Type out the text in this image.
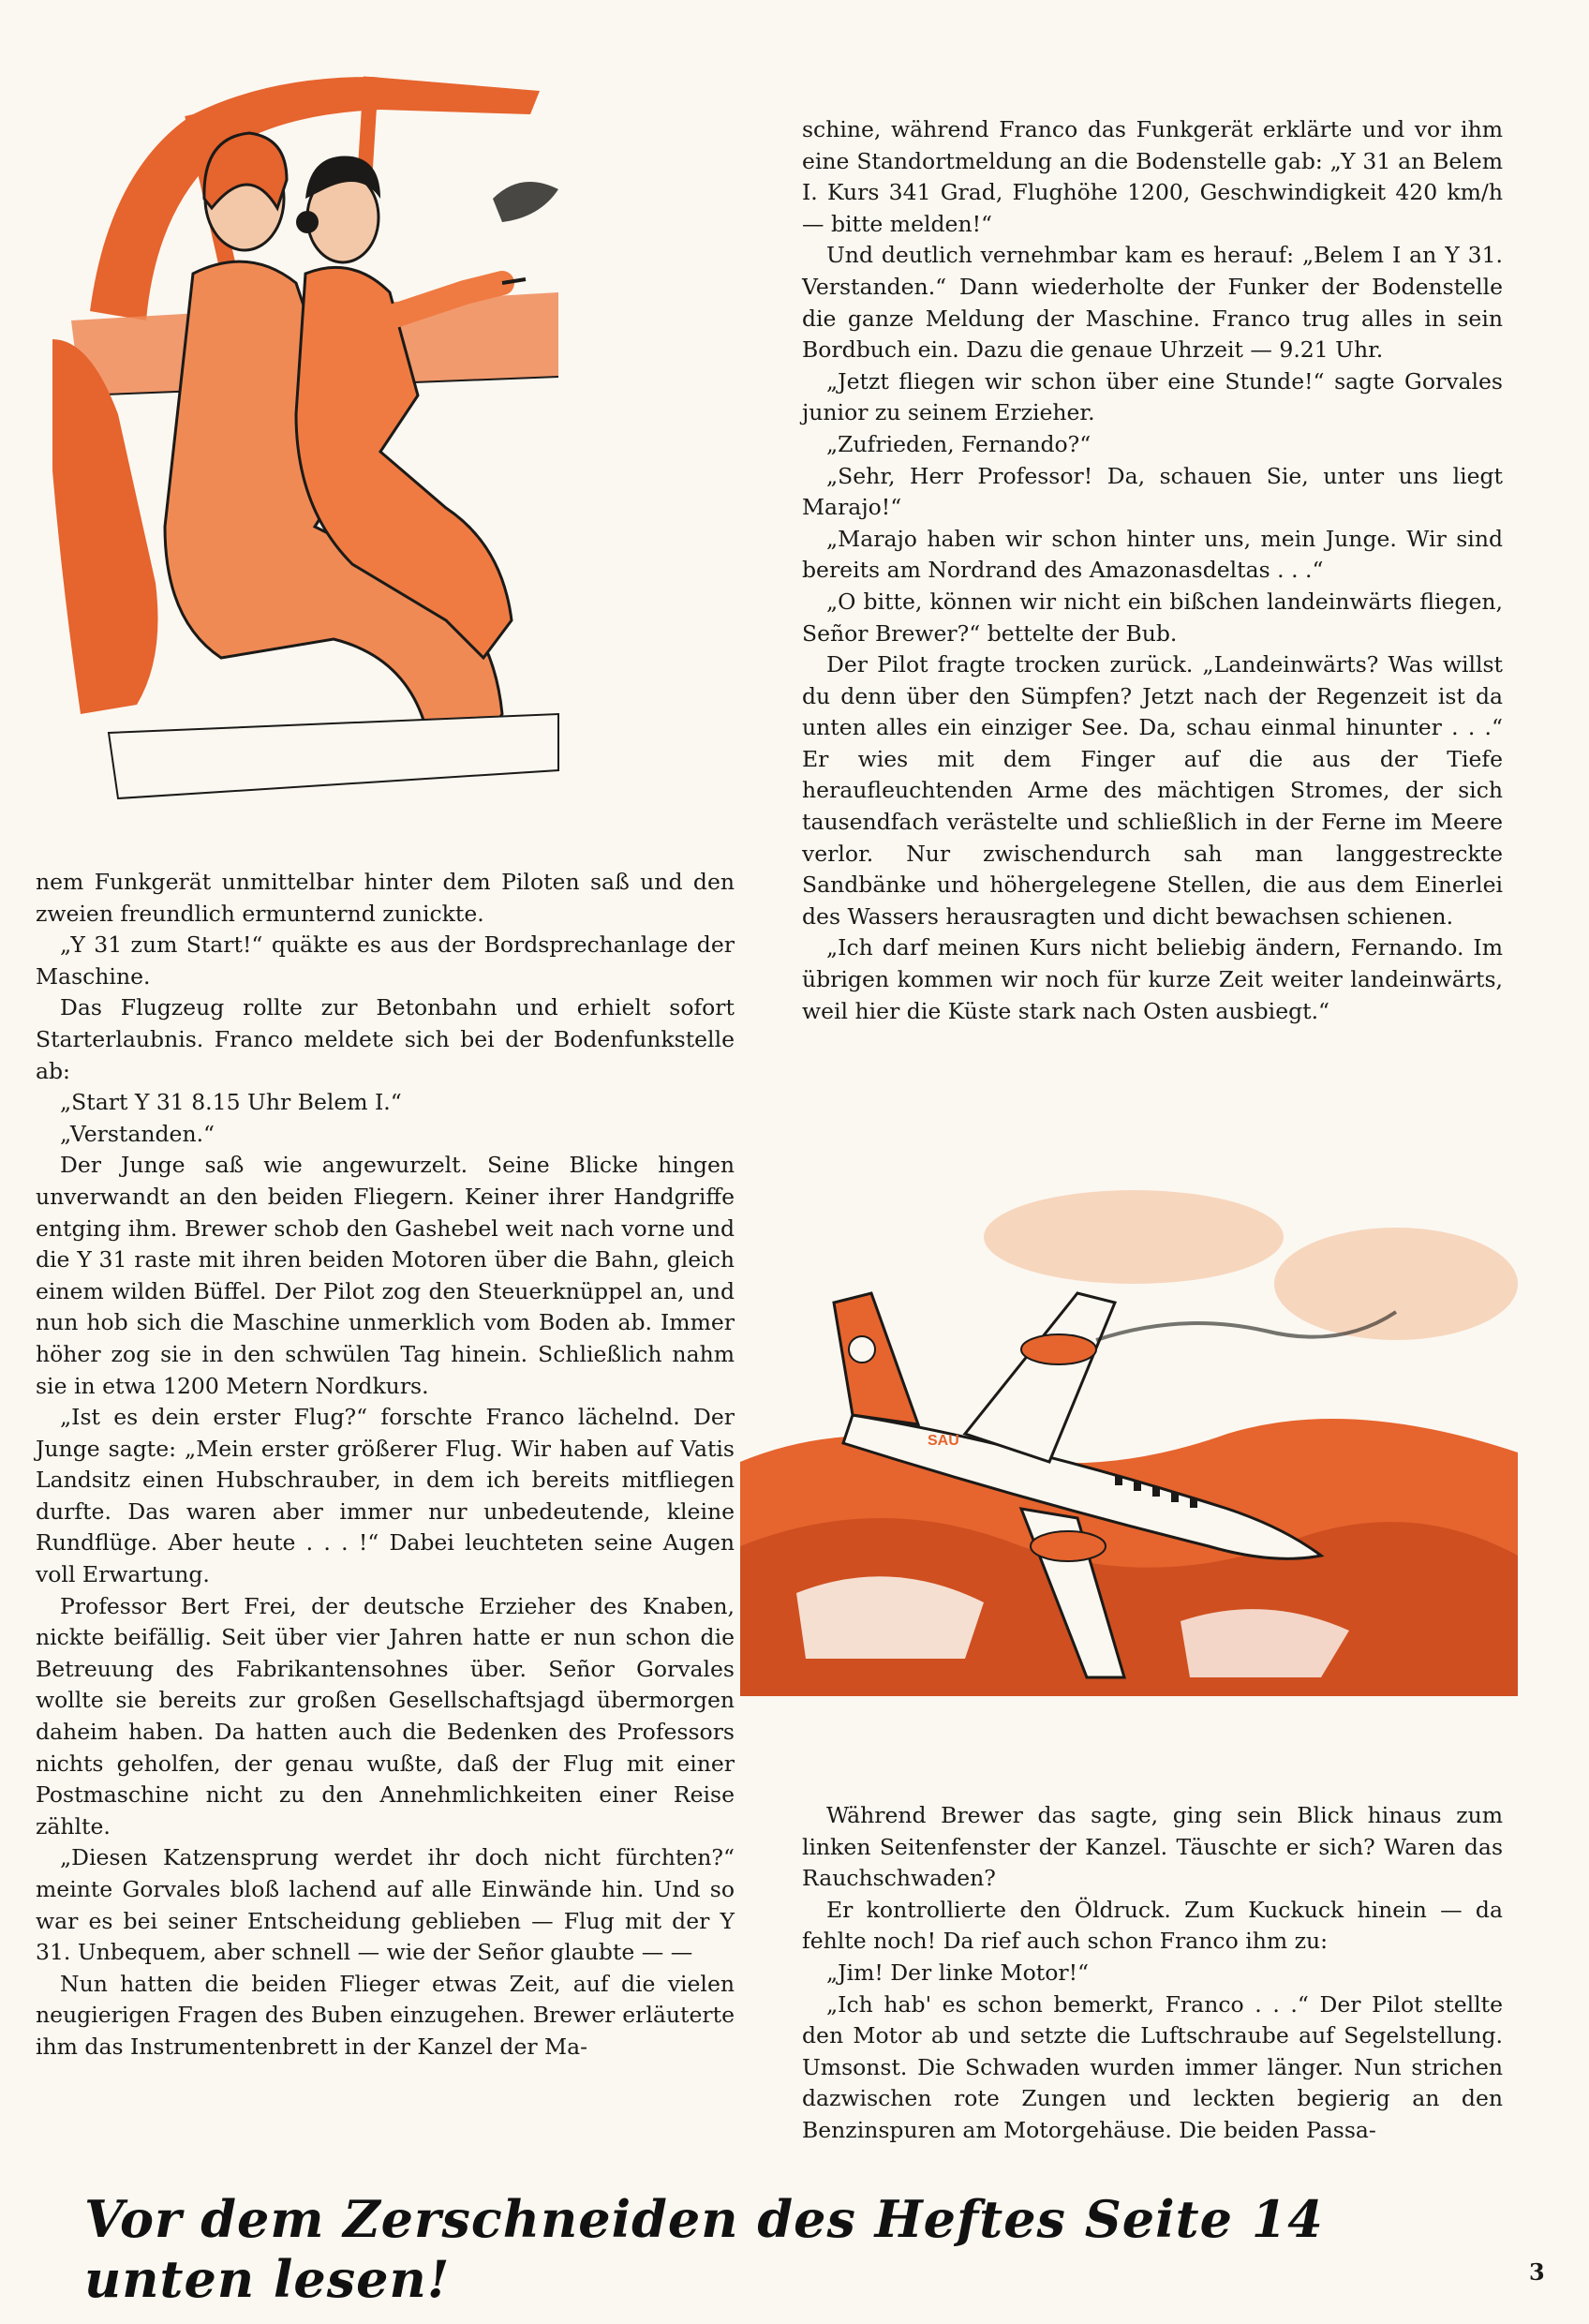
SAU

schine, während Franco das Funkgerät erklärte und vor ihm eine Standortmeldung an die Bodenstelle gab: „Y 31 an Belem I. Kurs 341 Grad, Flughöhe 1200, Geschwindigkeit 420 km/h — bitte melden!“

Und deutlich vernehmbar kam es herauf: „Belem I an Y 31. Verstanden.“ Dann wiederholte der Funker der Bodenstelle die ganze Meldung der Maschine. Franco trug alles in sein Bordbuch ein. Dazu die genaue Uhrzeit — 9.21 Uhr.

„Jetzt fliegen wir schon über eine Stunde!“ sagte Gorvales junior zu seinem Erzieher.

„Zufrieden, Fernando?“

„Sehr, Herr Professor! Da, schauen Sie, unter uns liegt Marajo!“

„Marajo haben wir schon hinter uns, mein Junge. Wir sind bereits am Nordrand des Amazonasdeltas . . .“

„O bitte, können wir nicht ein bißchen landeinwärts fliegen, Señor Brewer?“ bettelte der Bub.

Der Pilot fragte trocken zurück. „Landeinwärts? Was willst du denn über den Sümpfen? Jetzt nach der Regenzeit ist da unten alles ein einziger See. Da, schau einmal hinunter . . .“ Er wies mit dem Finger auf die aus der Tiefe heraufleuchtenden Arme des mächtigen Stromes, der sich tausendfach verästelte und schließlich in der Ferne im Meere verlor. Nur zwischendurch sah man langgestreckte Sandbänke und höhergelegene Stellen, die aus dem Einerlei des Wassers herausragten und dicht bewachsen schienen.

„Ich darf meinen Kurs nicht beliebig ändern, Fernando. Im übrigen kommen wir noch für kurze Zeit weiter landeinwärts, weil hier die Küste stark nach Osten ausbiegt.“

nem Funkgerät unmittelbar hinter dem Piloten saß und den zweien freundlich ermunternd zunickte.

„Y 31 zum Start!“ quäkte es aus der Bordsprechanlage der Maschine.

Das Flugzeug rollte zur Betonbahn und erhielt sofort Starterlaubnis. Franco meldete sich bei der Bodenfunkstelle ab:

„Start Y 31 8.15 Uhr Belem I.“

„Verstanden.“

Der Junge saß wie angewurzelt. Seine Blicke hingen unverwandt an den beiden Fliegern. Keiner ihrer Handgriffe entging ihm. Brewer schob den Gashebel weit nach vorne und die Y 31 raste mit ihren beiden Motoren über die Bahn, gleich einem wilden Büffel. Der Pilot zog den Steuerknüppel an, und nun hob sich die Maschine unmerklich vom Boden ab. Immer höher zog sie in den schwülen Tag hinein. Schließlich nahm sie in etwa 1200 Metern Nordkurs.

„Ist es dein erster Flug?“ forschte Franco lächelnd. Der Junge sagte: „Mein erster größerer Flug. Wir haben auf Vatis Landsitz einen Hubschrauber, in dem ich bereits mitfliegen durfte. Das waren aber immer nur unbedeutende, kleine Rundflüge. Aber heute . . . !“ Dabei leuchteten seine Augen voll Erwartung.

Professor Bert Frei, der deutsche Erzieher des Knaben, nickte beifällig. Seit über vier Jahren hatte er nun schon die Betreuung des Fabrikantensohnes über. Señor Gorvales wollte sie bereits zur großen Gesellschaftsjagd übermorgen daheim haben. Da hatten auch die Bedenken des Professors nichts geholfen, der genau wußte, daß der Flug mit einer Postmaschine nicht zu den Annehmlichkeiten einer Reise zählte.

„Diesen Katzensprung werdet ihr doch nicht fürchten?“ meinte Gorvales bloß lachend auf alle Einwände hin. Und so war es bei seiner Entscheidung geblieben — Flug mit der Y 31. Unbequem, aber schnell — wie der Señor glaubte — —

Nun hatten die beiden Flieger etwas Zeit, auf die vielen neugierigen Fragen des Buben einzugehen. Brewer erläuterte ihm das Instrumentenbrett in der Kanzel der Ma-

Während Brewer das sagte, ging sein Blick hinaus zum linken Seitenfenster der Kanzel. Täuschte er sich? Waren das Rauchschwaden?

Er kontrollierte den Öldruck. Zum Kuckuck hinein — da fehlte noch! Da rief auch schon Franco ihm zu:

„Jim! Der linke Motor!“

„Ich hab' es schon bemerkt, Franco . . .“ Der Pilot stellte den Motor ab und setzte die Luftschraube auf Segelstellung. Umsonst. Die Schwaden wurden immer länger. Nun strichen dazwischen rote Zungen und leckten begierig an den Benzinspuren am Motorgehäuse. Die beiden Passa-

Vor dem Zerschneiden des Heftes Seite 14 unten lesen!	3
